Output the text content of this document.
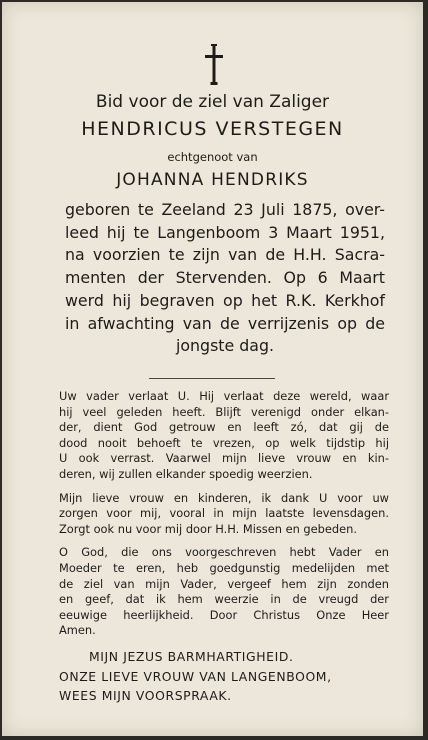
Bid voor de ziel van Zaliger
HENDRICUS VERSTEGEN
echtgenoot van
JOHANNA HENDRIKS
geboren te Zeeland 23 Juli 1875, over-
leed hij te Langenboom 3 Maart 1951,
na voorzien te zijn van de H.H. Sacra-
menten der Stervenden. Op 6 Maart
werd hij begraven op het R.K. Kerkhof
in afwachting van de verrijzenis op de
jongste dag.
Uw vader verlaat U. Hij verlaat deze wereld, waar
hij veel geleden heeft. Blijft verenigd onder elkan-
der, dient God getrouw en leeft zó, dat gij de
dood nooit behoeft te vrezen, op welk tijdstip hij
U ook verrast. Vaarwel mijn lieve vrouw en kin-
deren, wij zullen elkander spoedig weerzien.
Mijn lieve vrouw en kinderen, ik dank U voor uw
zorgen voor mij, vooral in mijn laatste levensdagen.
Zorgt ook nu voor mij door H.H. Missen en gebeden.
O God, die ons voorgeschreven hebt Vader en
Moeder te eren, heb goedgunstig medelijden met
de ziel van mijn Vader, vergeef hem zijn zonden
en geef, dat ik hem weerzie in de vreugd der
eeuwige heerlijkheid. Door Christus Onze Heer
Amen.
MIJN JEZUS BARMHARTIGHEID.
ONZE LIEVE VROUW VAN LANGENBOOM,
WEES MIJN VOORSPRAAK.
